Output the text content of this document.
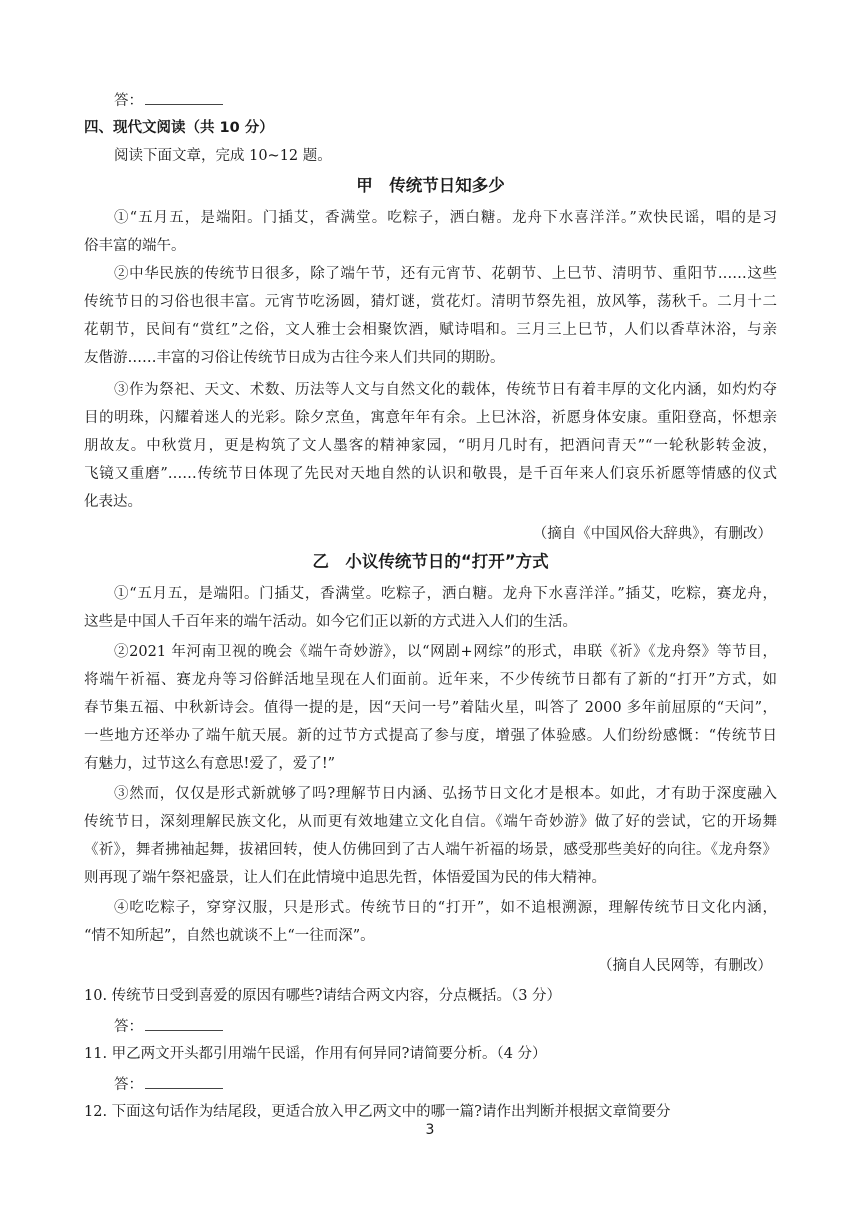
答：
四、现代文阅读（共 10 分）
阅读下面文章，完成 10~12 题。
甲　传统节日知多少
①“五月五，是端阳。门插艾，香满堂。吃粽子，洒白糖。龙舟下水喜洋洋。”欢快民谣，唱的是习
俗丰富的端午。
②中华民族的传统节日很多，除了端午节，还有元宵节、花朝节、上巳节、清明节、重阳节……这些
传统节日的习俗也很丰富。元宵节吃汤圆，猜灯谜，赏花灯。清明节祭先祖，放风筝，荡秋千。二月十二
花朝节，民间有“赏红”之俗，文人雅士会相聚饮酒，赋诗唱和。三月三上巳节，人们以香草沐浴，与亲
友偕游……丰富的习俗让传统节日成为古往今来人们共同的期盼。
③作为祭祀、天文、术数、历法等人文与自然文化的载体，传统节日有着丰厚的文化内涵，如灼灼夺
目的明珠，闪耀着迷人的光彩。除夕烹鱼，寓意年年有余。上巳沐浴，祈愿身体安康。重阳登高，怀想亲
朋故友。中秋赏月，更是构筑了文人墨客的精神家园，“明月几时有，把酒问青天”“一轮秋影转金波，
飞镜又重磨”……传统节日体现了先民对天地自然的认识和敬畏，是千百年来人们哀乐祈愿等情感的仪式
化表达。
（摘自《中国风俗大辞典》，有删改）
乙　小议传统节日的“打开”方式
①“五月五，是端阳。门插艾，香满堂。吃粽子，洒白糖。龙舟下水喜洋洋。”插艾，吃粽，赛龙舟，
这些是中国人千百年来的端午活动。如今它们正以新的方式进入人们的生活。
②2021 年河南卫视的晚会《端午奇妙游》，以“网剧+网综”的形式，串联《祈》《龙舟祭》等节目，
将端午祈福、赛龙舟等习俗鲜活地呈现在人们面前。近年来，不少传统节日都有了新的“打开”方式，如
春节集五福、中秋新诗会。值得一提的是，因“天问一号”着陆火星，叫答了 2000 多年前屈原的“天问”，
一些地方还举办了端午航天展。新的过节方式提高了参与度，增强了体验感。人们纷纷感慨：“传统节日
有魅力，过节这么有意思!爱了，爱了!”
③然而，仅仅是形式新就够了吗?理解节日内涵、弘扬节日文化才是根本。如此，才有助于深度融入
传统节日，深刻理解民族文化，从而更有效地建立文化自信。《端午奇妙游》做了好的尝试，它的开场舞
《祈》，舞者拂袖起舞，拔裙回转，使人仿佛回到了古人端午祈福的场景，感受那些美好的向往。《龙舟祭》
则再现了端午祭祀盛景，让人们在此情境中追思先哲，体悟爱国为民的伟大精神。
④吃吃粽子，穿穿汉服，只是形式。传统节日的“打开”，如不追根溯源，理解传统节日文化内涵，
“情不知所起”，自然也就谈不上“一往而深”。
（摘自人民网等，有删改）
10. 传统节日受到喜爱的原因有哪些?请结合两文内容，分点概括。（3 分）
答：
11. 甲乙两文开头都引用端午民谣，作用有何异同?请简要分析。（4 分）
答：
12. 下面这句话作为结尾段，更适合放入甲乙两文中的哪一篇?请作出判断并根据文章简要分
3
